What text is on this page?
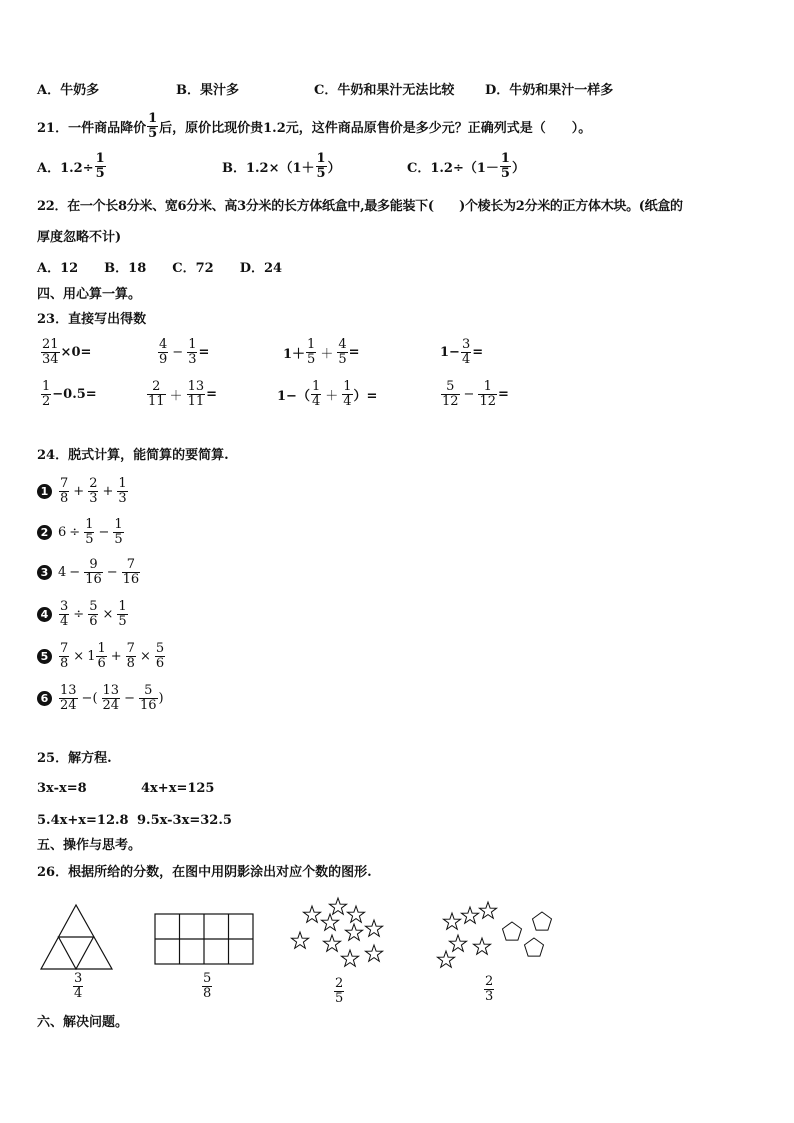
A．牛奶多	B．果汁多	C．牛奶和果汁无法比较 D．牛奶和果汁一样多
21．一件商品降价 $\frac{1}{5}$ 后，原价比现价贵1.2元，这件商品原售价是多少元？正确列式是（　　）。
A．$1.2\div \frac{1}{5}$	B．$1.2\times(1+ \frac{1}{5}$ ）	C．$1.2\div(1- \frac{1}{5}$ ）
22．在一个长8分米、宽6分米、高3分米的长方体纸盒中,最多能装下(　　)个棱长为2分米的正方体木块。(纸盒的
厚度忽略不计)
A．12　　B．18　　C．72　　D．24
四、用心算一算。
23．直接写出得数
$\frac{21}{34} \times 0=$	$\frac{4}{9} - \frac{1}{3}$ =	$1+ \frac{1}{5} + \frac{4}{5}$ =	$1- \frac{3}{4}$ =
$\frac{1}{2} -0.5=$	$\frac{2}{11} + \frac{13}{11}$ =	$1-( \frac{1}{4} + \frac{1}{4}$ ）=	$\frac{5}{12} - \frac{1}{12}$ =
24．脱式计算，能简算的要简算.
$1 \frac{7}{8} + \frac{2}{3} + \frac{1}{3}$
2 $6 \div \frac{1}{5} - \frac{1}{5}$
3 $4 - \frac{9}{16} - \frac{7}{16}$
$4 \frac{3}{4} \div \frac{5}{6} \times \frac{1}{5}$
$5 \frac{7}{8} \times 1 \frac{1}{6} + \frac{7}{8} \times \frac{5}{6}$
$6 \frac{13}{24}$ −( $\frac{13}{24} - \frac{5}{16}$ )
25．解方程.
3x-x=8	4x+x=125
5.4x+x=12.8 9.5x-3x=32.5
五、操作与思考。
26．根据所给的分数，在图中用阴影涂出对应个数的图形.
$\frac{3}{4}$	$\frac{5}{8}$	$\frac{2}{5}$	$\frac{2}{3}$
六、解决问题。
